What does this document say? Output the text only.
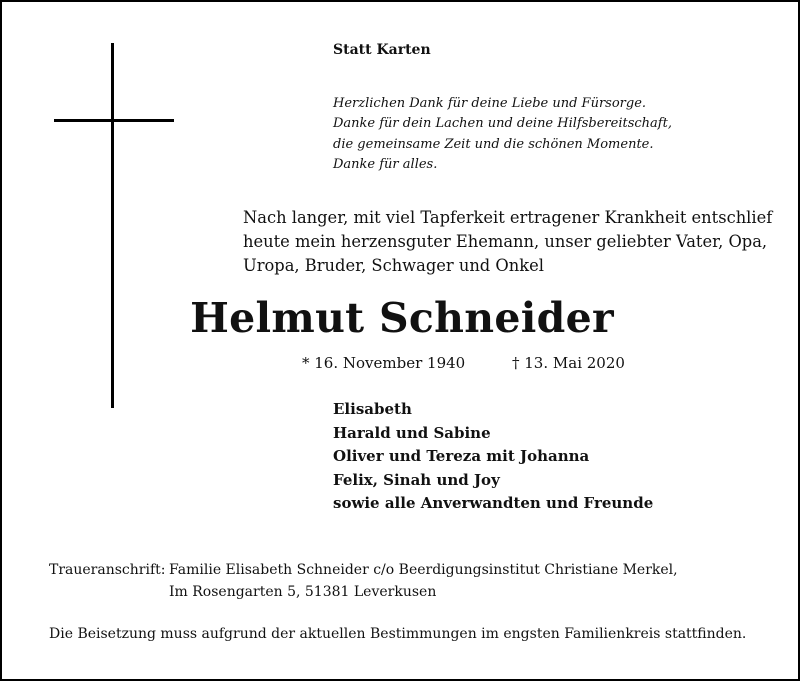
Statt Karten
Herzlichen Dank für deine Liebe und Fürsorge.
Danke für dein Lachen und deine Hilfsbereitschaft,
die gemeinsame Zeit und die schönen Momente.
Danke für alles.
Nach langer, mit viel Tapferkeit ertragener Krankheit entschlief
heute mein herzensguter Ehemann, unser geliebter Vater, Opa,
Uropa, Bruder, Schwager und Onkel
Helmut Schneider
* 16. November 1940	† 13. Mai 2020
Elisabeth
Harald und Sabine
Oliver und Tereza mit Johanna
Felix, Sinah und Joy
sowie alle Anverwandten und Freunde
Traueranschrift: Familie Elisabeth Schneider c/o Beerdigungsinstitut Christiane Merkel,
Im Rosengarten 5, 51381 Leverkusen
Die Beisetzung muss aufgrund der aktuellen Bestimmungen im engsten Familienkreis stattfinden.
